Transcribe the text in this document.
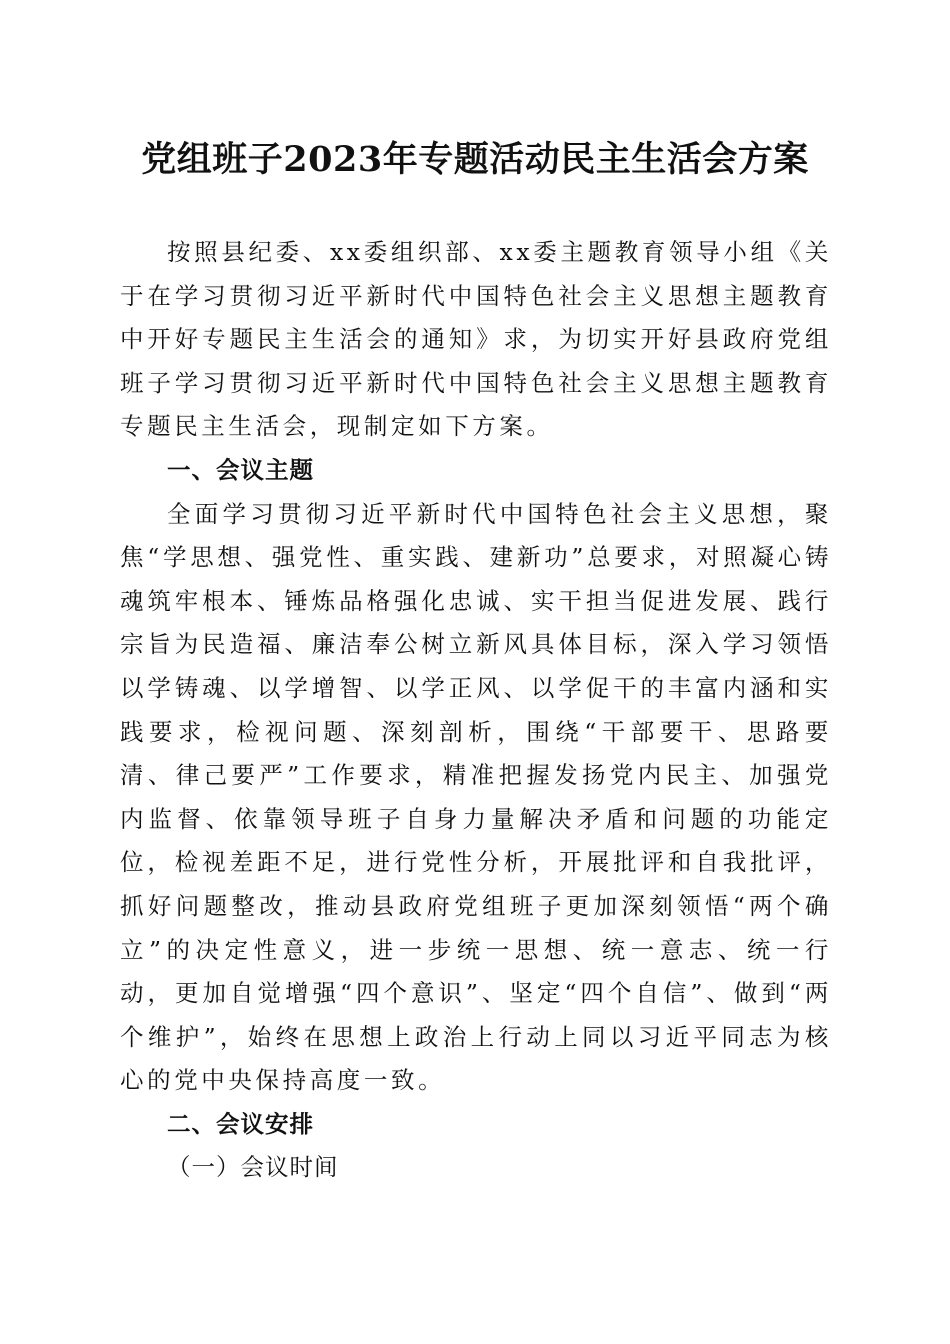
党组班子2023年专题活动民主生活会方案

按照县纪委、xx委组织部、xx委主题教育领导小组《关于在学习贯彻习近平新时代中国特色社会主义思想主题教育中开好专题民主生活会的通知》求，为切实开好县政府党组班子学习贯彻习近平新时代中国特色社会主义思想主题教育专题民主生活会，现制定如下方案。

一、会议主题

全面学习贯彻习近平新时代中国特色社会主义思想，聚焦“学思想、强党性、重实践、建新功”总要求，对照凝心铸魂筑牢根本、锤炼品格强化忠诚、实干担当促进发展、践行宗旨为民造福、廉洁奉公树立新风具体目标，深入学习领悟以学铸魂、以学增智、以学正风、以学促干的丰富内涵和实践要求，检视问题、深刻剖析，围绕“干部要干、思路要清、律己要严”工作要求，精准把握发扬党内民主、加强党内监督、依靠领导班子自身力量解决矛盾和问题的功能定位，检视差距不足，进行党性分析，开展批评和自我批评，抓好问题整改，推动县政府党组班子更加深刻领悟“两个确立”的决定性意义，进一步统一思想、统一意志、统一行动，更加自觉增强“四个意识”、坚定“四个自信”、做到“两个维护”，始终在思想上政治上行动上同以习近平同志为核心的党中央保持高度一致。

二、会议安排

（一）会议时间
